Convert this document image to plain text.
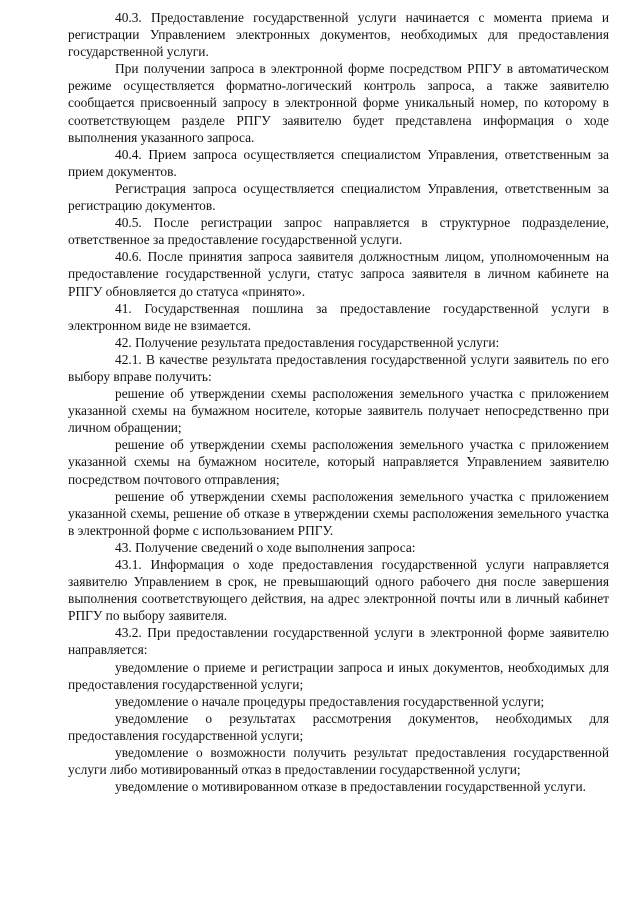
40.3. Предоставление государственной услуги начинается с момента приема и регистрации Управлением электронных документов, необходимых для предоставления государственной услуги.

При получении запроса в электронной форме посредством РПГУ в автоматическом режиме осуществляется форматно-логический контроль запроса, а также заявителю сообщается присвоенный запросу в электронной форме уникальный номер, по которому в соответствующем разделе РПГУ заявителю будет представлена информация о ходе выполнения указанного запроса.

40.4. Прием запроса осуществляется специалистом Управления, ответственным за прием документов.

Регистрация запроса осуществляется специалистом Управления, ответственным за регистрацию документов.

40.5. После регистрации запрос направляется в структурное подразделение, ответственное за предоставление государственной услуги.

40.6. После принятия запроса заявителя должностным лицом, уполномоченным на предоставление государственной услуги, статус запроса заявителя в личном кабинете на РПГУ обновляется до статуса «принято».

41. Государственная пошлина за предоставление государственной услуги в электронном виде не взимается.

42. Получение результата предоставления государственной услуги:

42.1. В качестве результата предоставления государственной услуги заявитель по его выбору вправе получить:

решение об утверждении схемы расположения земельного участка с приложением указанной схемы на бумажном носителе, которые заявитель получает непосредственно при личном обращении;

решение об утверждении схемы расположения земельного участка с приложением указанной схемы на бумажном носителе, который направляется Управлением заявителю посредством почтового отправления;

решение об утверждении схемы расположения земельного участка с приложением указанной схемы, решение об отказе в утверждении схемы расположения земельного участка в электронной форме с использованием РПГУ.

43. Получение сведений о ходе выполнения запроса:

43.1. Информация о ходе предоставления государственной услуги направляется заявителю Управлением в срок, не превышающий одного рабочего дня после завершения выполнения соответствующего действия, на адрес электронной почты или в личный кабинет РПГУ по выбору заявителя.

43.2. При предоставлении государственной услуги в электронной форме заявителю направляется:

уведомление о приеме и регистрации запроса и иных документов, необходимых для предоставления государственной услуги;

уведомление о начале процедуры предоставления государственной услуги;

уведомление о результатах рассмотрения документов, необходимых для предоставления государственной услуги;

уведомление о возможности получить результат предоставления государственной услуги либо мотивированный отказ в предоставлении государственной услуги;

уведомление о мотивированном отказе в предоставлении государственной услуги.
